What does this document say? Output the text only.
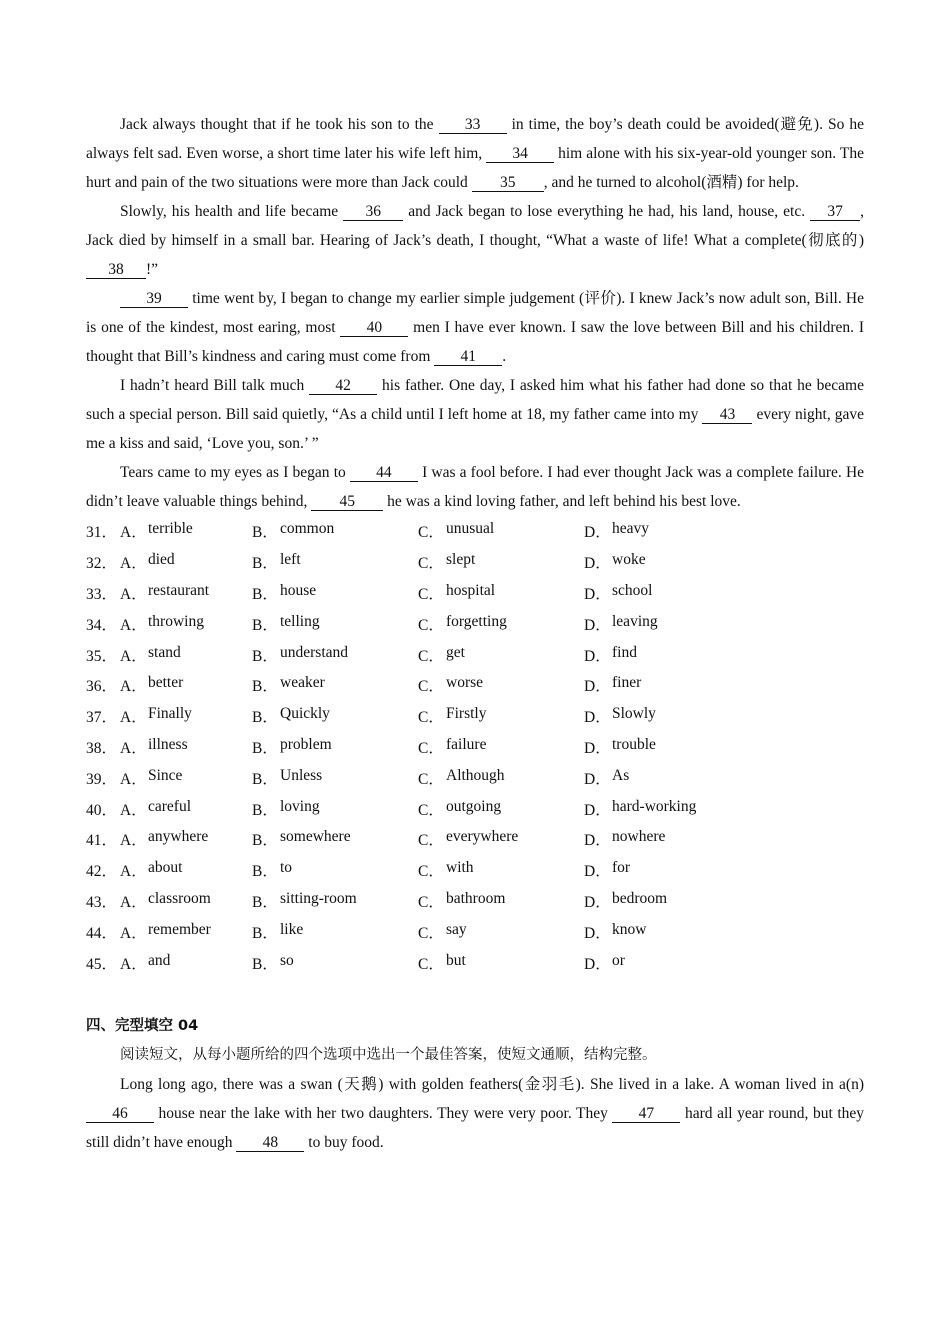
Jack always thought that if he took his son to the 33 in time, the boy’s death could be avoided(避免). So he always felt sad. Even worse, a short time later his wife left him, 34 him alone with his six-year-old younger son. The hurt and pain of the two situations were more than Jack could 35 , and he turned to alcohol(酒精) for help.

Slowly, his health and life became 36 and Jack began to lose everything he had, his land, house, etc. 37 , Jack died by himself in a small bar. Hearing of Jack’s death, I thought, “What a waste of life! What a complete(彻底的) 38 !”

39 time went by, I began to change my earlier simple judgement (评价). I knew Jack’s now adult son, Bill. He is one of the kindest, most earing, most 40 men I have ever known. I saw the love between Bill and his children. I thought that Bill’s kindness and caring must come from 41 .

I hadn’t heard Bill talk much 42 his father. One day, I asked him what his father had done so that he became such a special person. Bill said quietly, “As a child until I left home at 18, my father came into my 43 every night, gave me a kiss and said, ‘Love you, son.’ ”

Tears came to my eyes as I began to 44 I was a fool before. I had ever thought Jack was a complete failure. He didn’t leave valuable things behind, 45 he was a kind loving father, and left behind his best love.

31． A． terrible	B． common	C． unusual	D． heavy
32． A． died	B． left	C． slept	D． woke
33． A． restaurant	B． house	C． hospital	D． school
34． A． throwing	B． telling	C． forgetting	D． leaving
35． A． stand	B． understand	C． get	D． find
36． A． better	B． weaker	C． worse	D． finer
37． A． Finally	B． Quickly	C． Firstly	D． Slowly
38． A． illness	B． problem	C． failure	D． trouble
39． A． Since	B． Unless	C． Although	D． As
40． A． careful	B． loving	C． outgoing	D． hard-working
41． A． anywhere	B． somewhere	C． everywhere	D． nowhere
42． A． about	B． to	C． with	D． for
43． A． classroom	B． sitting-room	C． bathroom	D． bedroom
44． A． remember	B． like	C． say	D． know
45． A． and	B． so	C． but	D． or
四、完型填空 04

阅读短文，从每小题所给的四个选项中选出一个最佳答案，使短文通顺，结构完整。

Long long ago, there was a swan (天鹅) with golden feathers(金羽毛). She lived in a lake. A woman lived in a(n) 46 house near the lake with her two daughters. They were very poor. They 47 hard all year round, but they still didn’t have enough 48 to buy food.
